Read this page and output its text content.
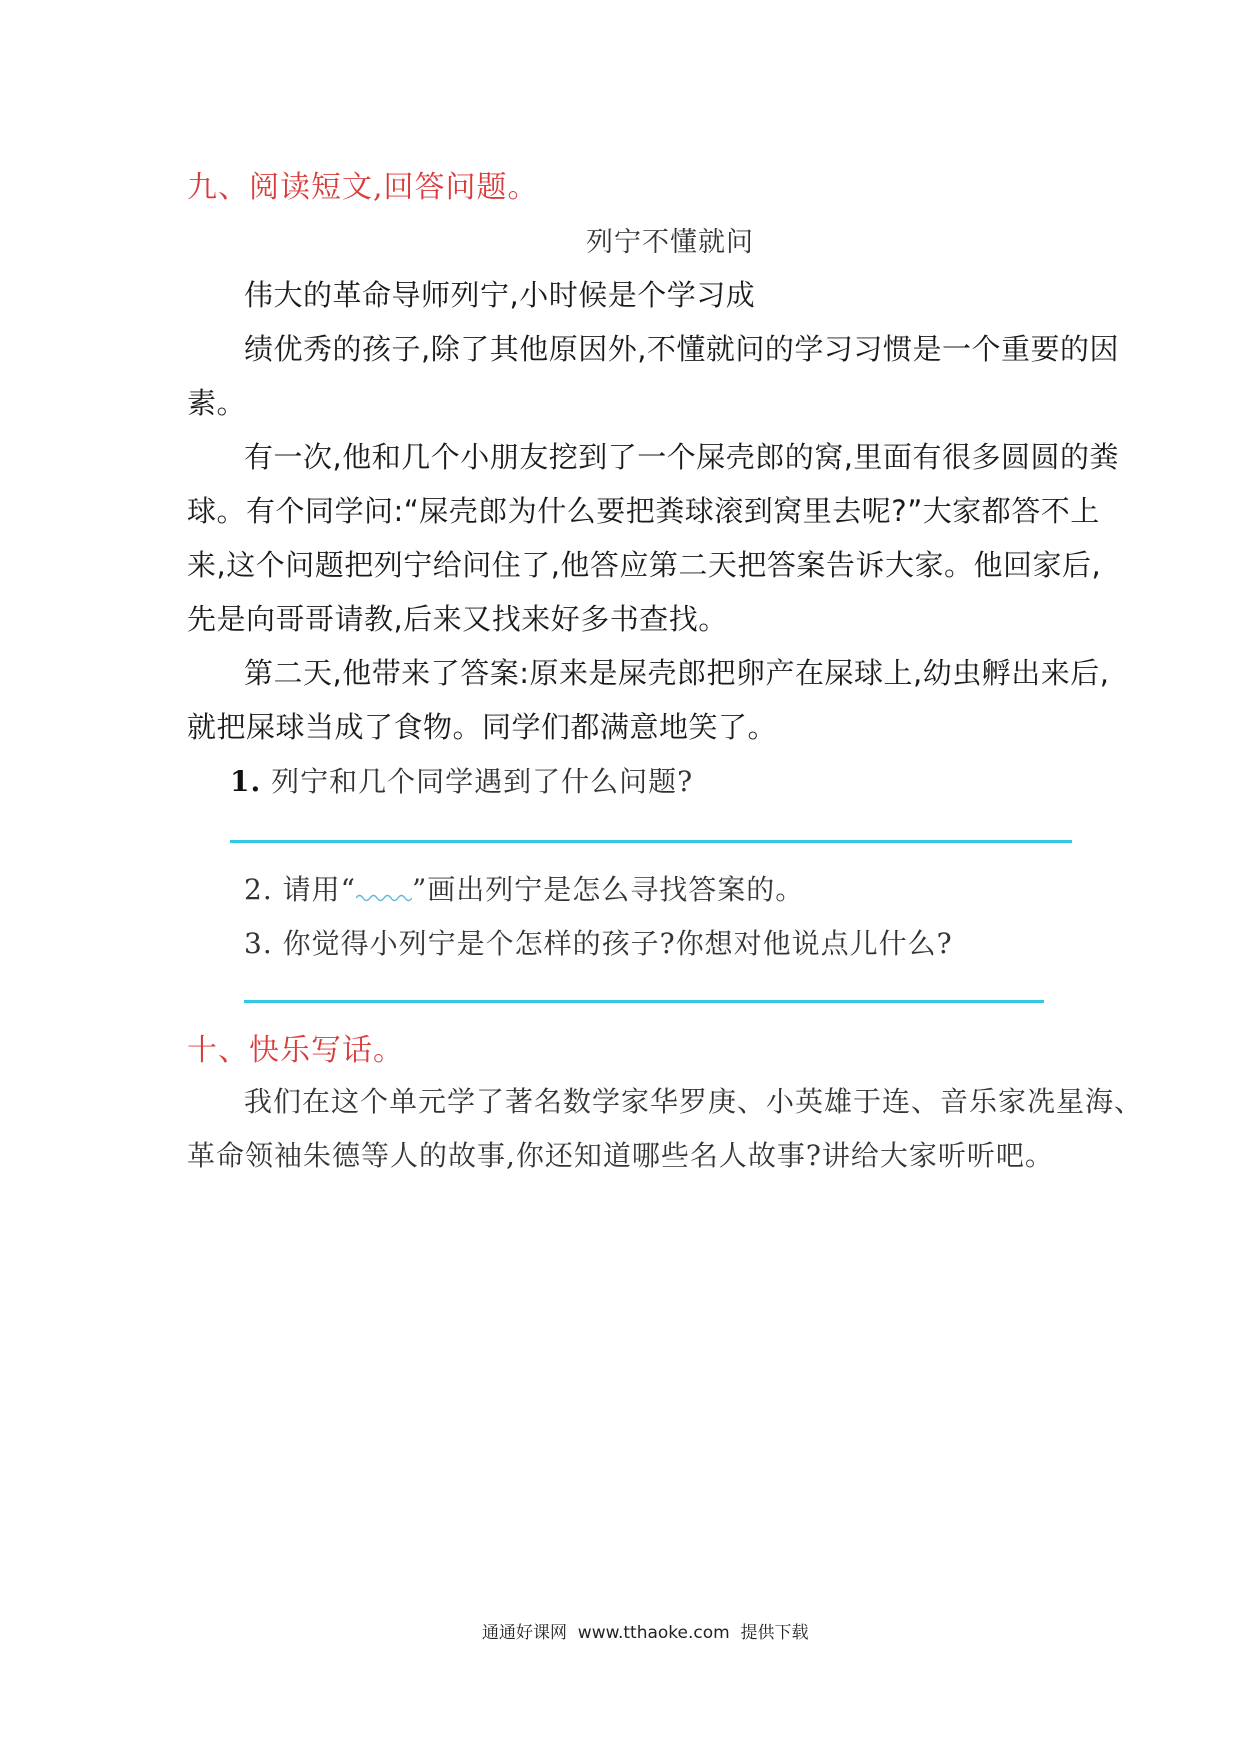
九、阅读短文,回答问题。
列宁不懂就问
伟大的革命导师列宁,小时候是个学习成
绩优秀的孩子,除了其他原因外,不懂就问的学习习惯是一个重要的因
素。
有一次,他和几个小朋友挖到了一个屎壳郎的窝,里面有很多圆圆的粪
球。有个同学问:“屎壳郎为什么要把粪球滚到窝里去呢?”大家都答不上
来,这个问题把列宁给问住了,他答应第二天把答案告诉大家。他回家后,
先是向哥哥请教,后来又找来好多书查找。
第二天,他带来了答案:原来是屎壳郎把卵产在屎球上,幼虫孵出来后,
就把屎球当成了食物。同学们都满意地笑了。
1. 列宁和几个同学遇到了什么问题?
2. 请用“ ”画出列宁是怎么寻找答案的。
3. 你觉得小列宁是个怎样的孩子?你想对他说点儿什么?
十、快乐写话。
我们在这个单元学了著名数学家华罗庚、小英雄于连、音乐家冼星海、
革命领袖朱德等人的故事,你还知道哪些名人故事?讲给大家听听吧。
通通好课网  www.tthaoke.com  提供下载
